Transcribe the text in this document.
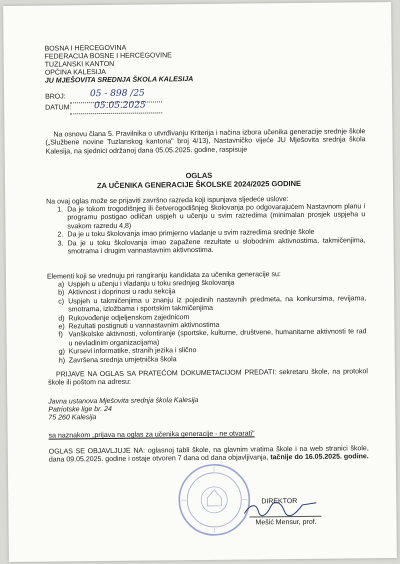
BOSNA I HERCEGOVINA
FEDERACIJA BOSNE I HERCEGOVINE
TUZLANSKI KANTON
OPĆINA KALESIJA
JU MJEŠOVITA SREDNJA ŠKOLA KALESIJA
BROJ:	05 - 898 /25
DATUM:	05.05.2025
Na osnovu člana 5. Pravilnika o utvrđivanju Kriterija i načina izbora učenika generacije srednje škole („Službene novine Tuzlanskog kantona" broj 4/13), Nastavničko vijeće JU Mješovita srednja škola Kalesija, na sjednici održanoj dana 05.05.2025. godine, raspisuje
OGLAS
ZA UČENIKA GENERACIJE ŠKOLSKE 2024/2025 GODINE
Na ovaj oglas može se prijaviti završno razreda koji ispunjava sljedeće uslove:
1. Da je tokom trogodišnjeg ili četverogodišnjeg školovanja po odgovarajućem Nastavnom planu i programu postigao odličan uspjeh u učenju u svim razredima (minimalan prosjek uspjeha u svakom razredu 4,8)
2. Da je u toku školovanja imao primjerno vladanje u svim razredima srednje škole
3. Da je u toku školovanja imao zapažene rezultate u slobodnim aktivnostima, takmičenjima, smotrama i drugim vannastavnim aktivnostima.
Elementi koji se vrednuju pri rangiranju kandidata za učenika generacije su:
a) Uspjeh u učenju i vladanju u toku srednjeg školovanja
b) Aktivnost i doprinosi u radu sekcija
c) Uspjeh u takmičenjima u znanju iz pojedinih nastavnih predmeta, na konkursima, revijama, smotrama, izložbama i sportskim takmičenjima
d) Rukovođenje odjeljenskom zajednicom
e) Rezultati postignuti u vannastavnim aktivnostima
f) Vanškolske aktivnosti, volontiranje (sportske, kulturne, društvene, humanitarne aktivnosti te rad u nevladinim organizacijama)
g) Kursevi informatike, stranih jezika i slično
h) Završena srednja umjetnička škola
PRIJAVE NA OGLAS SA PRATEĆOM DOKUMETACIJOM PREDATI: sekretaru škole, na protokol škole ili poštom na adresu:
Javna ustanova Mješovita srednja škola Kalesija
Patriotske lige br. 24
75 260 Kalesija
sa naznakom „prijava na oglas za učenika generacije - ne otvarati"
OGLAS SE OBJAVLJUJE NA: oglasnoj tabli škole, na glavnim vratima škole i na web stranici škole, dana 09.05.2025. godine i ostaje otvoren 7 dana od dana objavljivanja, tačnije do 16.05.2025. godine.
DIREKTOR
Mešić Mensur, prof.
